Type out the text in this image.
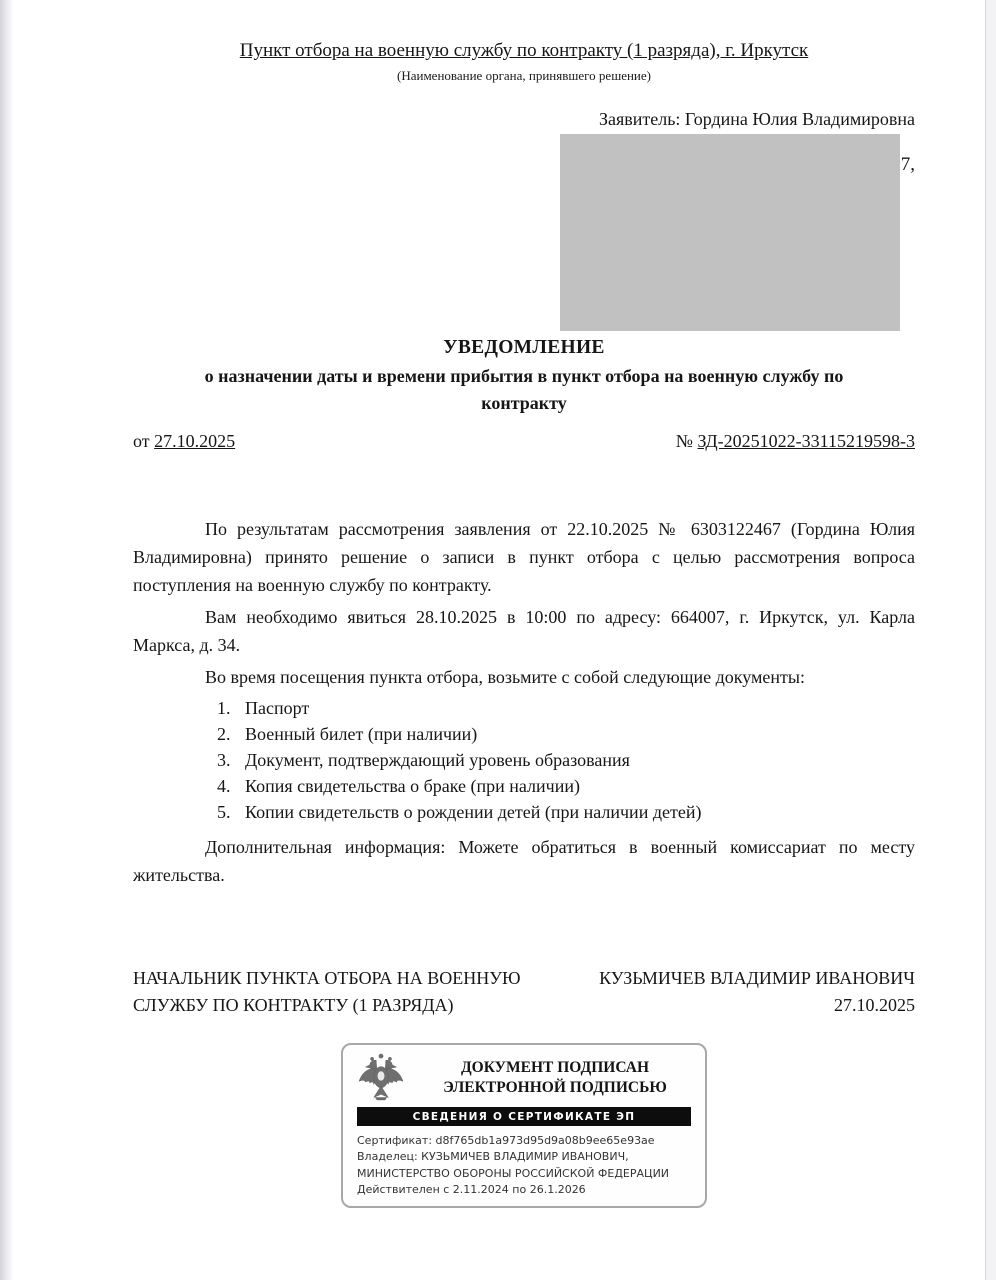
Пункт отбора на военную службу по контракту (1 разряда), г. Иркутск
(Наименование органа, принявшего решение)
Заявитель: Гордина Юлия Владимировна
7,
УВЕДОМЛЕНИЕ
о назначении даты и времени прибытия в пункт отбора на военную службу по контракту
от 27.10.2025	№ ЗД-20251022-33115219598-3

По результатам рассмотрения заявления от 22.10.2025 № 6303122467 (Гордина Юлия Владимировна) принято решение о записи в пункт отбора с целью рассмотрения вопроса поступления на военную службу по контракту.

Вам необходимо явиться 28.10.2025 в 10:00 по адресу: 664007, г. Иркутск, ул. Карла Маркса, д. 34.

Во время посещения пункта отбора, возьмите с собой следующие документы:

1. Паспорт
2. Военный билет (при наличии)
3. Документ, подтверждающий уровень образования
4. Копия свидетельства о браке (при наличии)
5. Копии свидетельств о рождении детей (при наличии детей)

Дополнительная информация: Можете обратиться в военный комиссариат по месту жительства.

НАЧАЛЬНИК ПУНКТА ОТБОРА НА ВОЕННУЮ СЛУЖБУ ПО КОНТРАКТУ (1 РАЗРЯДА)
КУЗЬМИЧЕВ ВЛАДИМИР ИВАНОВИЧ
27.10.2025
ДОКУМЕНТ ПОДПИСАН
ЭЛЕКТРОННОЙ ПОДПИСЬЮ
СВЕДЕНИЯ О СЕРТИФИКАТЕ ЭП
Сертификат: d8f765db1a973d95d9a08b9ee65e93ae
Владелец: КУЗЬМИЧЕВ ВЛАДИМИР ИВАНОВИЧ, МИНИСТЕРСТВО ОБОРОНЫ РОССИЙСКОЙ ФЕДЕРАЦИИ
Действителен с 2.11.2024 по 26.1.2026
